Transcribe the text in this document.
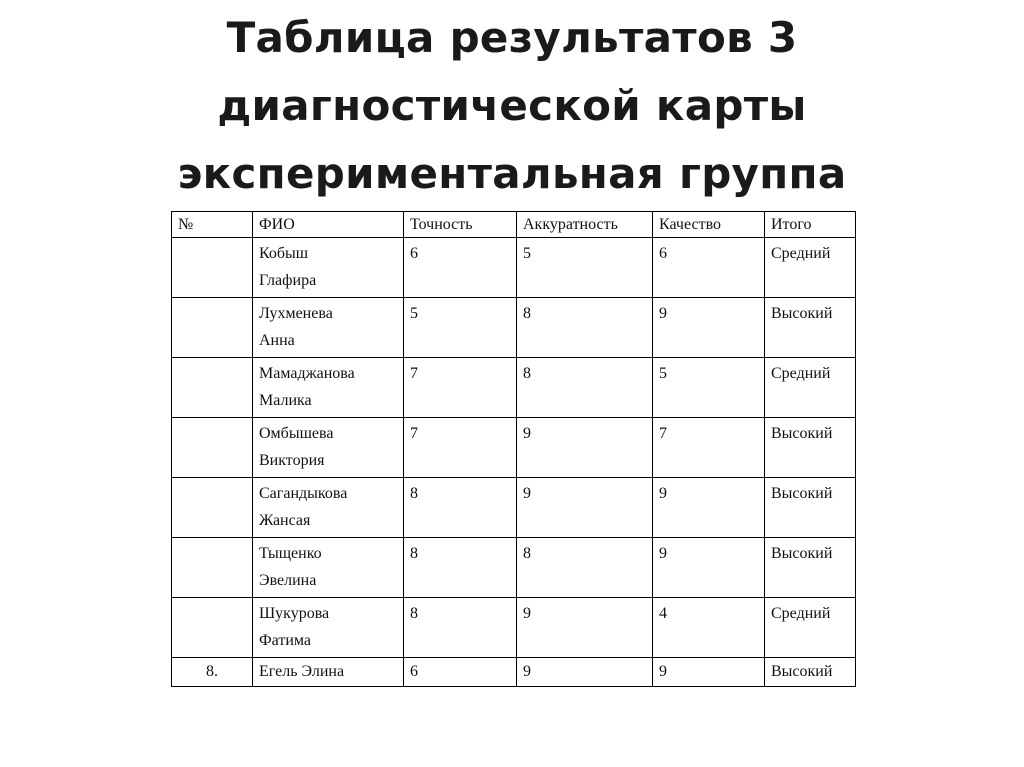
Таблица результатов 3
диагностической карты
экспериментальная группа
№	ФИО	Точность	Аккуратность	Качество	Итого

	Кобыш
Глафира	6	5	6	Средний

	Лухменева
Анна	5	8	9	Высокий

	Мамаджанова
Малика	7	8	5	Средний

	Омбышева
Виктория	7	9	7	Высокий

	Сагандыкова
Жансая	8	9	9	Высокий

	Тыщенко
Эвелина	8	8	9	Высокий

	Шукурова
Фатима	8	9	4	Средний
8.	Егель Элина	6	9	9	Высокий
